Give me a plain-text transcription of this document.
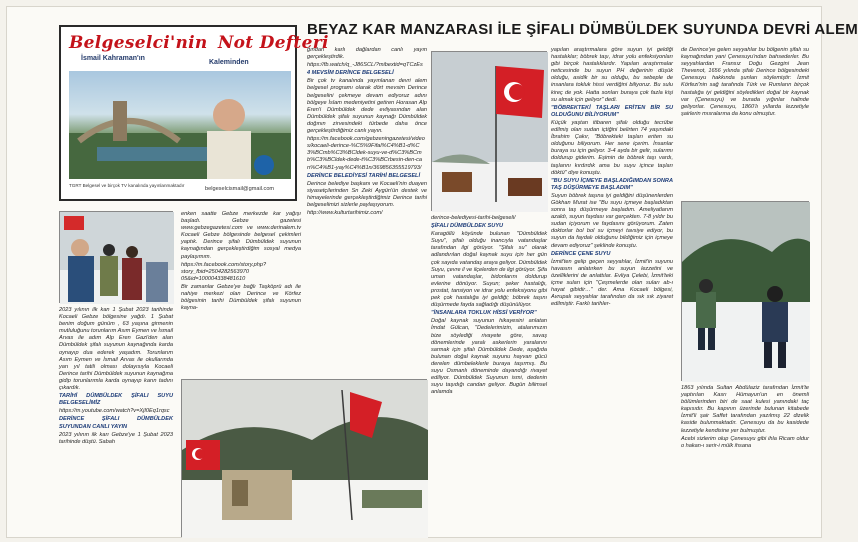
BEYAZ KAR MANZARASI İLE ŞİFALI DÜMBÜLDEK SUYUNDA DEVRİ ALEM
Belgeselci'nin Not Defteri
İsmail Kahraman'ın
Kaleminden
TGRT Belgesel ve birçok TV kanalında yayınlanmaktadır
belgeselcismail@gmail.com

2023 yılının ilk kan 1 Şubat 2023 tarihinde Kocaeli Gebze bölgesine yağdı. 1 Şubat benim doğum günüm , 63 yaşına girmenin mutluluğunu torunlarım Asım Eymen ve İsmail Arvas ile adım Alp Eren Gazi'den alan Dümbüldek şifalı suyunun kaynağında karda oynayıp dua ederek yaşadım. Torunlarım Asım Eymen ve İsmail Arvas ile okullarında yarı yıl tatili olması dolayısıyla Kocaeli Derince tarihi Dümbüldek suyunun kaynağına gidip torunlarımla karda oynayıp karın tadını çıkardık.

TARİHİ DÜMBÜLDEK ŞİFALI SUYU BELGESELİMİZ

https://m.youtube.com/watch?v=XjI0Eq1rqsc

DERİNCE ŞİFALI DÜMBÜLDEK SUYUNDAN CANLI YAYIN

2023 yılının ilk karı Gebze'ye 1 Şubat 2023 tarihinde düştü. Sabah

enken saatte Gebze merkezde kar yağışı başladı. Gebze gazetesi www.gebzegazetesi.com ve www.derinalem.tv Kocaeli Gebze bölgesinde belgesel çekimleri yaptık. Derince şifalı Dümbüldek suyunun kaynağından gerçekleştirdiğim sosyal medya paylaşımım.

https://m.facebook.com/story.php?story_fbid=2504282563970 05&id=100004338481610

Bir zamanlar Gebze'ye bağlı Taşköprü adı ile nahiye merkezi olan Derince ve Körfez bölgesinin tarihi Dümbüldek şifalı suyunun kayna-

ğından karlı dağlardan canlı yayın gerçekleştirdik.

https://fb.watch/q_-J86SCL/?mibextid=qTCzEs

4 MEVSİM DERİNCE BELGESELİ

Bir çok tv kanalında yayınlanan devri alem belgesel programı olarak dört mevsim Derince belgeselini çekmeye devam ediyoruz adını bölgeye İslam medeniyetini getiren Horasan Alp Eren'i Dümbüldek dede evliyasından alan Dümbüldek şifalı suyunun kaynağı Dümbüldek doğının zirvesindeki türbede daha önce gerçekleştirdiğimiz canlı yayın.

https://m.facebook.com/gebzeningazetesi/videos/kocaeli-derince-%C5%9Fifal%C4%B1-d%C3%BCmb%C3%BCldek-suyu-ve-d%C3%BCmb%C3%BCldek-dede-t%C3%BCrbesin-den-can%C4%B1-yay%C4%B1n/369856355519793/

DERİNCE BELEDİYESİ TARİHİ BELGESELİ

Derince belediye başkanı ve Kocaeli'nin duayen siyasetçilerinden Sn Zeki Aygün'ün destek ve himayelerinde gerçekleştirdiğimiz Derince tarihi belgeselimizi sizlerle paylaşıyorum.

http://www.kulturtarihimiz.com/

derince-belediyesi-tarihi-belgeseli/

ŞİFALI DÜMBÜLDEK SUYU

Karagöllü köyünde bulunan "Dümbüldek Suyu", şifalı olduğu inancıyla vatandaşlar tarafından ilgi görüyor. "Şifalı su" olarak adlandırılan doğal kaynak suyu için her gün çok sayıda vatandaş araya geliyor. Dümbüldek Suyu, çevre il ve ilçelerden de ilgi görüyor. Şifa uman vatandaşlar, bidonlarını doldurup evlerine dönüyor. Suyun; şeker hastalığı, prostat, tansiyon ve idrar yolu enfeksiyonu gibi pek çok hastalığa iyi geldiği; böbrek taşını düşürmede fayda sağladığı düşünülüyor.

"İNSANLARA TOKLUK HİSSİ VERİYOR"

Doğal kaynak suyunun hikayesini anlatan İmdat Gülcan, "Dedelerimizin, atalarımızın bize söylediği rivayete göre, savaş dönemlerinde yaralı askerlerin yaralarını sarmak için şifalı Dümbüldek Dede, aşağıda bulunan doğal kaynak suyunu hayvan gücü derelen dümbeleklerle buraya taşırmış. Bu suyu Osmanlı döneminde dayandığı rivayet ediliyor. Dümbüldek Suyunun ismi, dedenin suyu taşıdığı candan geliyor. Bugün bilimsel anlamda

yapılan araştırmalara göre suyun iyi geldiği hastalıklar; böbrek taşı, idrar yolu enfeksiyonları gibi birçok hastalıklardır. Yapılan araştırmalar neticesinde bu suyun PH değerinin düşük olduğu, asidik bir su olduğu, bu sebeple de insanlara tokluk hissi verdiğini biliyoruz. Bu sulu kireç de yok. Hatta sonları buraya çok fazla kişi su almak için geliyor" dedi.

"BÖBREKTEKİ TAŞLARI ERİTEN BİR SU OLDUĞUNU BİLİYORUM"

Küçük yaştan itibaren şifalı olduğu tecrübe edilmiş olan sudan içtiğini belirten 74 yaşındaki İbrahim Çakır, "Böbrekteki taşları eriten su olduğunu biliyorum. Her sene içerim. İnsanlar buraya su için geliyor. 3-4 ayda bir gelir, sularımı doldurup giderim. Eşimin de böbrek taşı vardı, taşlarını kırdırdık ama bu suyu içince taşları döktü" diye konuştu.

"BU SUYU İÇMEYE BAŞLADIĞIMDAN SONRA TAŞ DÜŞÜRMEYE BAŞLADIM"

Suyun böbrek taşına iyi geldiğini düşünenlerden Gökhan Murat ise "Bu suyu içmeye başladıktan sonra taş düşürmeye başladım. Ameliyatlarım azaldı, suyun faydası var gerçekten. 7-8 yıldır bu sudan içiyorum ve faydasını görüyorum. Zaten doktorlar bol bol su içmeyi tavsiye ediyor, bu suyun da faydalı olduğunu bildiğimiz için içmeye devam ediyoruz" şeklinde konuştu.

DERİNCE ÇENE SUYU

İzmit'ten gelip geçen seyyahlar, İzmit'in suyunu havasını anlatırken bu suyun lezzetini ve özelliklerini de anlattılar. Evliya Çelebi, İzmit'teki içme suları için "Çeşmelerde olan suları ab-ı hayat gibidir…" der. Ama Kocaeli bölgesi, Avrupalı seyyahlar tarafından da sık sık ziyaret edilmiştir. Farklı tarihler-

de Derince'ye gelen seyyahlar bu bölgenin şifalı su kaynağından yani Çenesuyu'ndan bahsederler. Bu seyyahlardan Fransız Doğu Gezgini Jean Thevenot, 1656 yılında şifalı Derince bölgesindeki Çenesuyu hakkında şunları söylemiştir: İzmit Körfezi'nin sağ tarafında Türk ve Rumların birçok hastalığa iyi geldiğini söyledikleri doğal bir kaynak var (Çenesuyu) ve burada yığınlar halinde geliyorlar. Çenesuyu, 1860'lı yıllarda lezzetiyle şairlerin mısralarına da konu olmuştur.

1863 yılında Sultan Abdülaziz tarafından İzmit'te yaptırılan Kasrı Hümayun'un en önemli bölümlerinden biri de saat kulesi yanındaki taç kapısıdır. Bu kapının üzerinde bulunan kitabede İzmit'li şair Saffet tarafından yazılmış 22 dizelik kaside bulunmaktadır. Çenesuyu da bu kasidede lezzetiyle kendisine yer bulmuştur.

Acebi sizlerim olup Çenesuyu gibi ihla Ricam oldur o hakan-ı serir-i mülk ihsana
